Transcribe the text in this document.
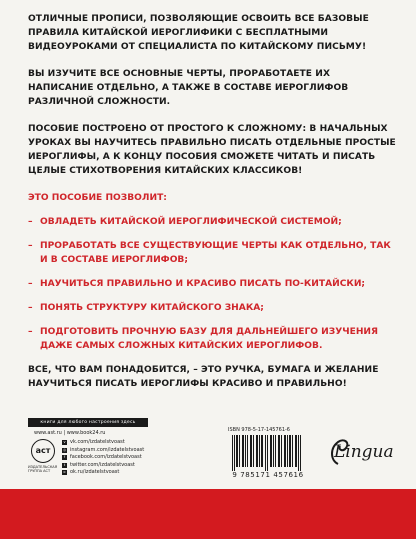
ОТЛИЧНЫЕ ПРОПИСИ, ПОЗВОЛЯЮЩИЕ ОСВОИТЬ ВСЕ БАЗОВЫЕ ПРАВИЛА КИТАЙСКОЙ ИЕРОГЛИФИКИ С БЕСПЛАТНЫМИ ВИДЕОУРОКАМИ ОТ СПЕЦИАЛИСТА ПО КИТАЙСКОМУ ПИСЬМУ!

ВЫ ИЗУЧИТЕ ВСЕ ОСНОВНЫЕ ЧЕРТЫ, ПРОРАБОТАЕТЕ ИХ НАПИСАНИЕ ОТДЕЛЬНО, А ТАКЖЕ В СОСТАВЕ ИЕРОГЛИФОВ РАЗЛИЧНОЙ СЛОЖНОСТИ.

ПОСОБИЕ ПОСТРОЕНО ОТ ПРОСТОГО К СЛОЖНОМУ: В НАЧАЛЬНЫХ УРОКАХ ВЫ НАУЧИТЕСЬ ПРАВИЛЬНО ПИСАТЬ ОТДЕЛЬНЫЕ ПРОСТЫЕ ИЕРОГЛИФЫ, А К КОНЦУ ПОСОБИЯ СМОЖЕТЕ ЧИТАТЬ И ПИСАТЬ ЦЕЛЫЕ СТИХОТВОРЕНИЯ КИТАЙСКИХ КЛАССИКОВ!

ЭТО ПОСОБИЕ ПОЗВОЛИТ:

– ОВЛАДЕТЬ КИТАЙСКОЙ ИЕРОГЛИФИЧЕСКОЙ СИСТЕМОЙ;
– ПРОРАБОТАТЬ ВСЕ СУЩЕСТВУЮЩИЕ ЧЕРТЫ КАК ОТДЕЛЬНО, ТАК И В СОСТАВЕ ИЕРОГЛИФОВ;
– НАУЧИТЬСЯ ПРАВИЛЬНО И КРАСИВО ПИСАТЬ ПО-КИТАЙСКИ;
– ПОНЯТЬ СТРУКТУРУ КИТАЙСКОГО ЗНАКА;
– ПОДГОТОВИТЬ ПРОЧНУЮ БАЗУ ДЛЯ ДАЛЬНЕЙШЕГО ИЗУЧЕНИЯ ДАЖЕ САМЫХ СЛОЖНЫХ КИТАЙСКИХ ИЕРОГЛИФОВ.

ВСЕ, ЧТО ВАМ ПОНАДОБИТСЯ, – ЭТО РУЧКА, БУМАГА И ЖЕЛАНИЕ НАУЧИТЬСЯ ПИСАТЬ ИЕРОГЛИФЫ КРАСИВО И ПРАВИЛЬНО!

книги для любого настроения здесь
www.ast.ru | www.book24.ru
аст
ИЗДАТЕЛЬСКАЯ ГРУППА АСТ
v vk.com/izdatelstvoast
◎ instagram.com/izdatelstvoast
f facebook.com/izdatelstvoast
t twitter.com/izdatelstvoast
o ok.ru/izdatelstvoast
ISBN 978-5-17-145761-6
9 785171 457616
Lingua
